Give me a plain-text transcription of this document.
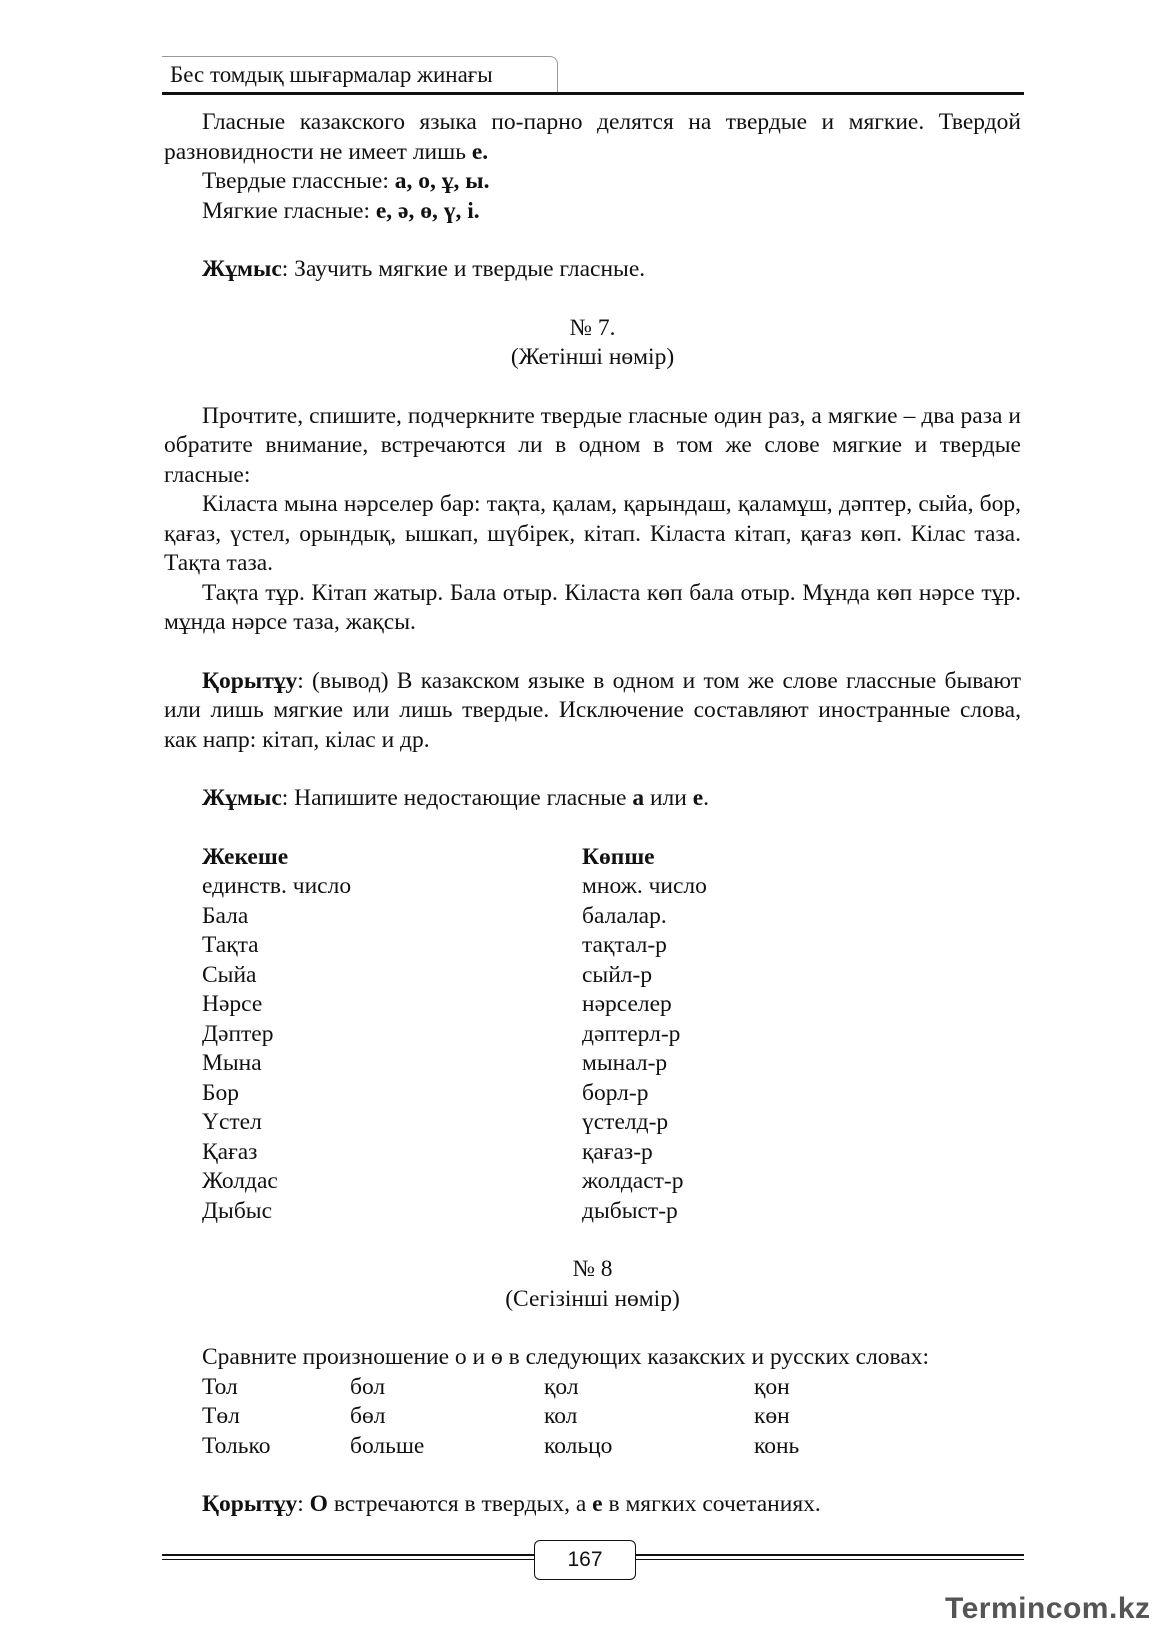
Бес томдық шығармалар жинағы

Гласные казакского языка по-парно делятся на твердые и мягкие. Твердой разновидности не имеет лишь е.

Твердые глассные: а, о, ұ, ы.

Мягкие гласные: е, ә, ө, ү, і.

Жұмыс: Заучить мягкие и твердые гласные.

№ 7.

(Жетінші нөмір)

Прочтите, спишите, подчеркните твердые гласные один раз, а мягкие – два раза и обратите внимание, встречаются ли в одном в том же слове мягкие и твердые гласные:

Кіласта мына нәрселер бар: тақта, қалам, қарындаш, қаламұш, дәптер, сыйа, бор, қағаз, үстел, орындық, ышкап, шүбірек, кітап. Кіласта кітап, қағаз көп. Кілас таза. Тақта таза.

Тақта тұр. Кітап жатыр. Бала отыр. Кіласта көп бала отыр. Мұнда көп нәрсе тұр. мұнда нәрсе таза, жақсы.

Қорытұу: (вывод) В казакском языке в одном и том же слове глассные бывают или лишь мягкие или лишь твердые. Исключение составляют иностранные слова, как напр: кітап, кілас и др.

Жұмыс: Напишите недостающие гласные а или е.

Жекеше	Көпше
единств. число	множ. число
Бала	балалар.
Тақта	тақтал-р
Сыйа	сыйл-р
Нәрсе	нәрселер
Дәптер	дәптерл-р
Мына	мынал-р
Бор	борл-р
Үстел	үстелд-р
Қағаз	қағаз-р
Жолдас	жолдаст-р
Дыбыс	дыбыст-р

№ 8

(Сегізінші нөмір)

Сравните произношение о и ө в следующих казакских и русских словах:

Тол	бол	қол	қон
Төл	бөл	кол	көн
Только	больше	кольцо	конь

Қорытұу: О встречаются в твердых, а е в мягких сочетаниях.

167
Termincom.kz
